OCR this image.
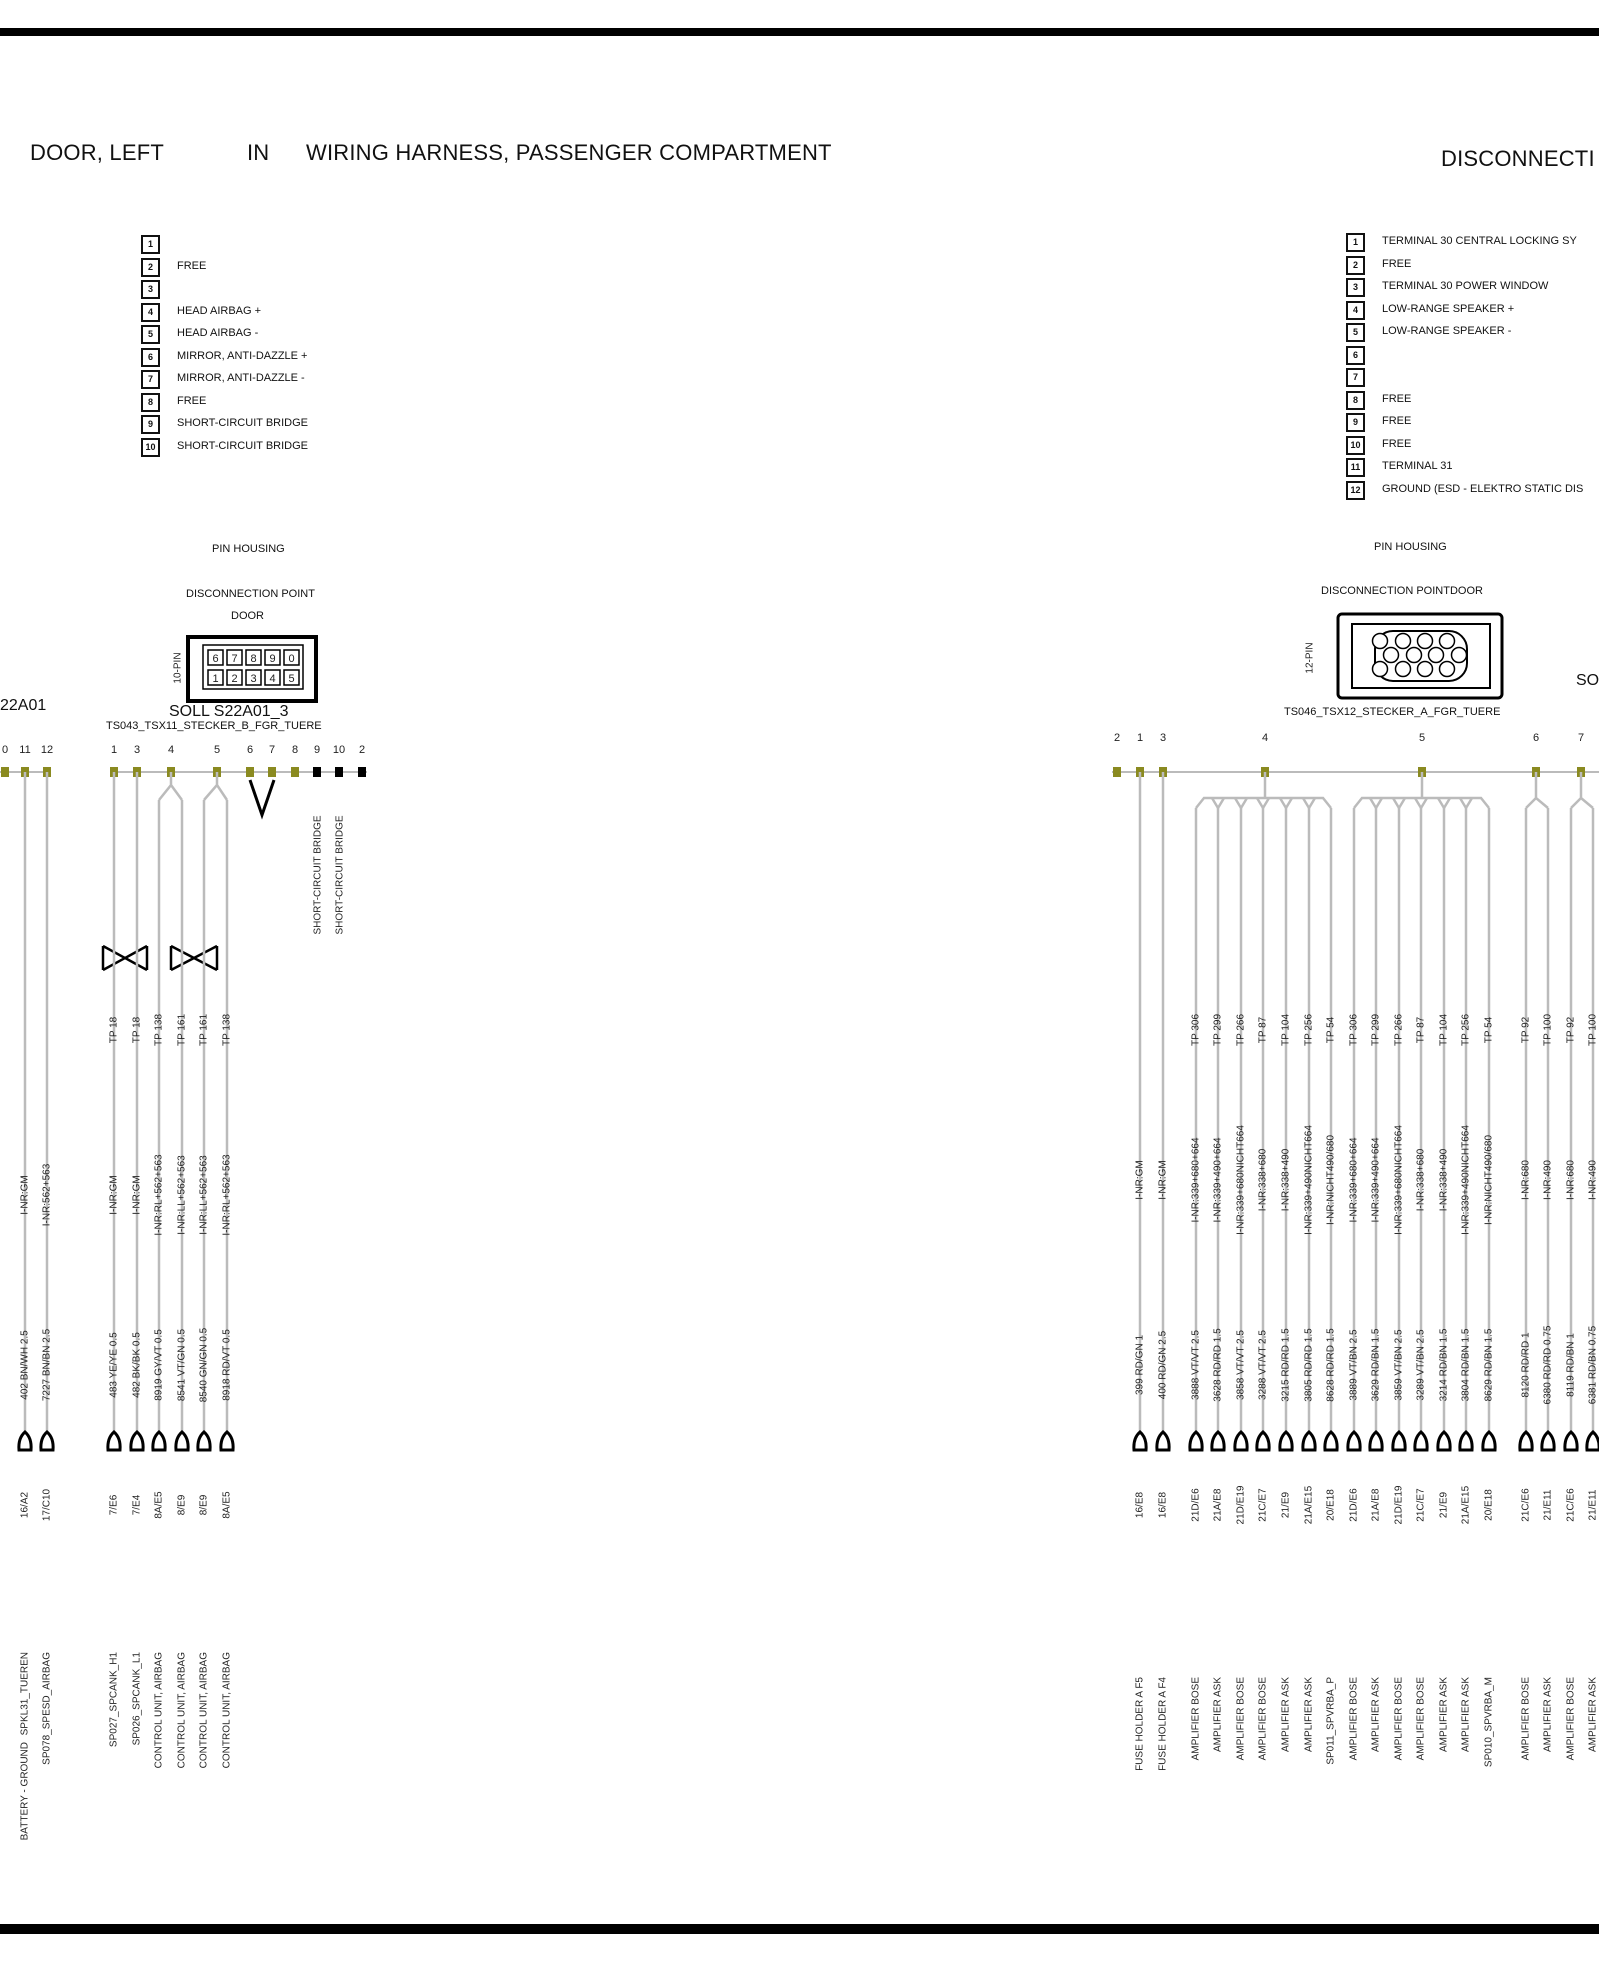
DOOR, LEFT	IN WIRING HARNESS, PASSENGER COMPARTMENT	DISCONNECTI
1
2	FREE
3
4	HEAD AIRBAG +
5	HEAD AIRBAG -
6	MIRROR, ANTI-DAZZLE +
7	MIRROR, ANTI-DAZZLE -
8	FREE
9	SHORT-CIRCUIT BRIDGE
10	SHORT-CIRCUIT BRIDGE
1	TERMINAL 30 CENTRAL LOCKING SY
2	FREE
3	TERMINAL 30 POWER WINDOW
4	LOW-RANGE SPEAKER +
5	LOW-RANGE SPEAKER -
6
7
8	FREE
9	FREE
10	FREE
11	TERMINAL 31
12	GROUND (ESD - ELEKTRO STATIC DIS
PIN HOUSING
DISCONNECTION POINT
DOOR
PIN HOUSING
DISCONNECTION POINTDOOR
SOLL S22A01_3
TS043_TSX11_STECKER_B_FGR_TUERE
22A01	TS046_TSX12_STECKER_A_FGR_TUERE
SO
0 11 12	1 3	4	5 6 7 8 9 10 2
2 1 3	4	5	6	7
6 7 8 9 0
1 2 3 4 5
10-PIN	12-PIN
SHORT-CIRCUIT BRIDGE SHORT-CIRCUIT BRIDGE
I-NR:GM
402 BN/WH 2.5
16/A2
SPKL31_TUEREN
I-NR:562+563
7227 BN/BN 2.5
17/C10
SP078_SPESD_AIRBAG
TP 18
I-NR:GM
483 YE/YE 0.5
7/E6
SP027_SPCANK_H1
TP 18
I-NR:GM
482 BK/BK 0.5
7/E4
SP026_SPCANK_L1
TP 138
I-NR:RL+562+563
8919 GY/VT 0.5
8A/E5
CONTROL UNIT, AIRBAG
TP 161
I-NR:LL+562+563
8541 VT/GN 0.5
8/E9
CONTROL UNIT, AIRBAG
TP 161
I-NR:LL+562+563
8540 GN/GN 0.5
8/E9
CONTROL UNIT, AIRBAG
TP 138
I-NR:RL+562+563
8918 RD/VT 0.5
8A/E5
CONTROL UNIT, AIRBAG
BATTERY - GROUND
I-NR:GM
399 RD/GN 1
16/E8
FUSE HOLDER A F5
I-NR:GM
400 RD/GN 2.5
16/E8
FUSE HOLDER A F4
TP 306
I-NR:339+680+664
3888 VT/VT 2.5
21D/E6
AMPLIFIER BOSE
TP 299
I-NR:339+490+664
3628 RD/RD 1.5
21A/E8
AMPLIFIER ASK
TP 266
I-NR:339+680NICHT664
3858 VT/VT 2.5
21D/E19
AMPLIFIER BOSE
TP 87
I-NR:338+680
3288 VT/VT 2.5
21C/E7
AMPLIFIER BOSE
TP 104
I-NR:338+490
3215 RD/RD 1.5
21/E9
AMPLIFIER ASK
TP 256
I-NR:339+490NICHT664
3805 RD/RD 1.5
21A/E15
AMPLIFIER ASK
TP 54
I-NR:NICHT490/680
8628 RD/RD 1.5
20/E18
SP011_SPVRBA_P
TP 306
I-NR:339+680+664
3889 VT/BN 2.5
21D/E6
AMPLIFIER BOSE
TP 299
I-NR:339+490+664
3629 RD/BN 1.5
21A/E8
AMPLIFIER ASK
TP 266
I-NR:339+680NICHT664
3859 VT/BN 2.5
21D/E19
AMPLIFIER BOSE
TP 87
I-NR:338+680
3289 VT/BN 2.5
21C/E7
AMPLIFIER BOSE
TP 104
I-NR:338+490
3214 RD/BN 1.5
21/E9
AMPLIFIER ASK
TP 256
I-NR:339+490NICHT664
3804 RD/BN 1.5
21A/E15
AMPLIFIER ASK
TP 54
I-NR:NICHT490/680
8629 RD/BN 1.5
20/E18
SP010_SPVRBA_M
TP 92
I-NR:680
8120 RD/RD 1
21C/E6
AMPLIFIER BOSE
TP 100
I-NR:490
6380 RD/RD 0.75
21/E11
AMPLIFIER ASK
TP 92
I-NR:680
8119 RD/BN 1
21C/E6
AMPLIFIER BOSE
TP 100
I-NR:490
6381 RD/BN 0.75
21/E11
AMPLIFIER ASK
